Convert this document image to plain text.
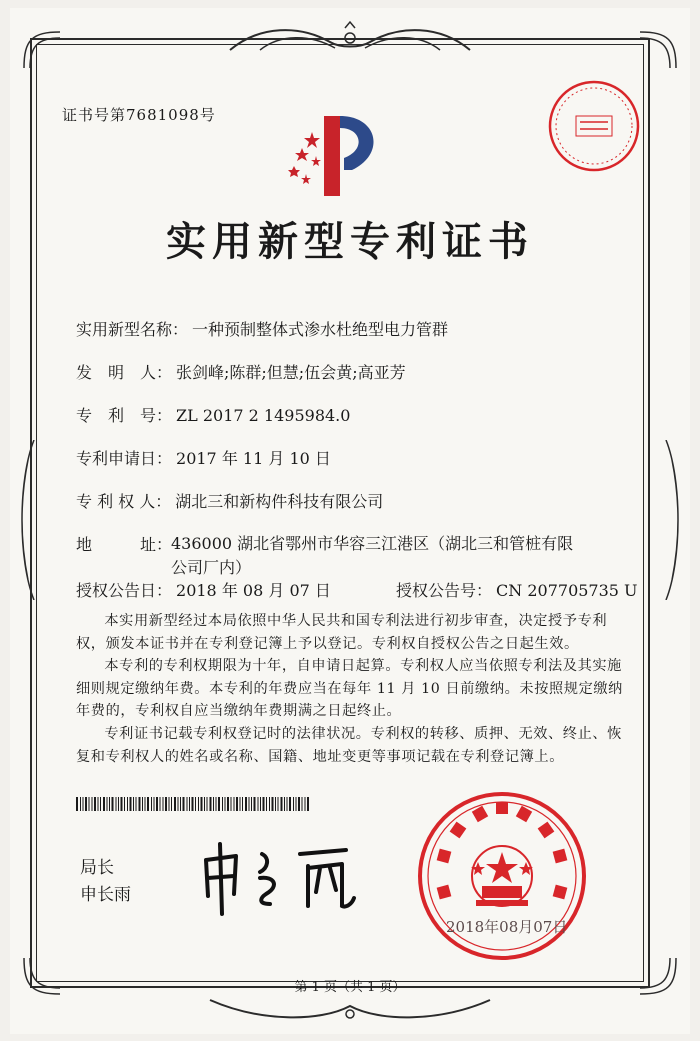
证书号第7681098号
实用新型专利证书
实用新型名称： 一种预制整体式渗水杜绝型电力管群
发　明　人： 张剑峰;陈群;但慧;伍会黄;高亚芳
专　利　号： ZL 2017 2 1495984.0
专利申请日： 2017 年 11 月 10 日
专 利 权 人： 湖北三和新构件科技有限公司
地　　　址：
436000 湖北省鄂州市华容三江港区（湖北三和管桩有限
公司厂内）
授权公告日： 2018 年 08 月 07 日	授权公告号： CN 207705735 U
本实用新型经过本局依照中华人民共和国专利法进行初步审查，决定授予专利权，颁发本证书并在专利登记簿上予以登记。专利权自授权公告之日起生效。
本专利的专利权期限为十年，自申请日起算。专利权人应当依照专利法及其实施细则规定缴纳年费。本专利的年费应当在每年 11 月 10 日前缴纳。未按照规定缴纳年费的，专利权自应当缴纳年费期满之日起终止。
专利证书记载专利权登记时的法律状况。专利权的转移、质押、无效、终止、恢复和专利权人的姓名或名称、国籍、地址变更等事项记载在专利登记簿上。
局长
申长雨
2018年08月07日
第 1 页（共 1 页）
